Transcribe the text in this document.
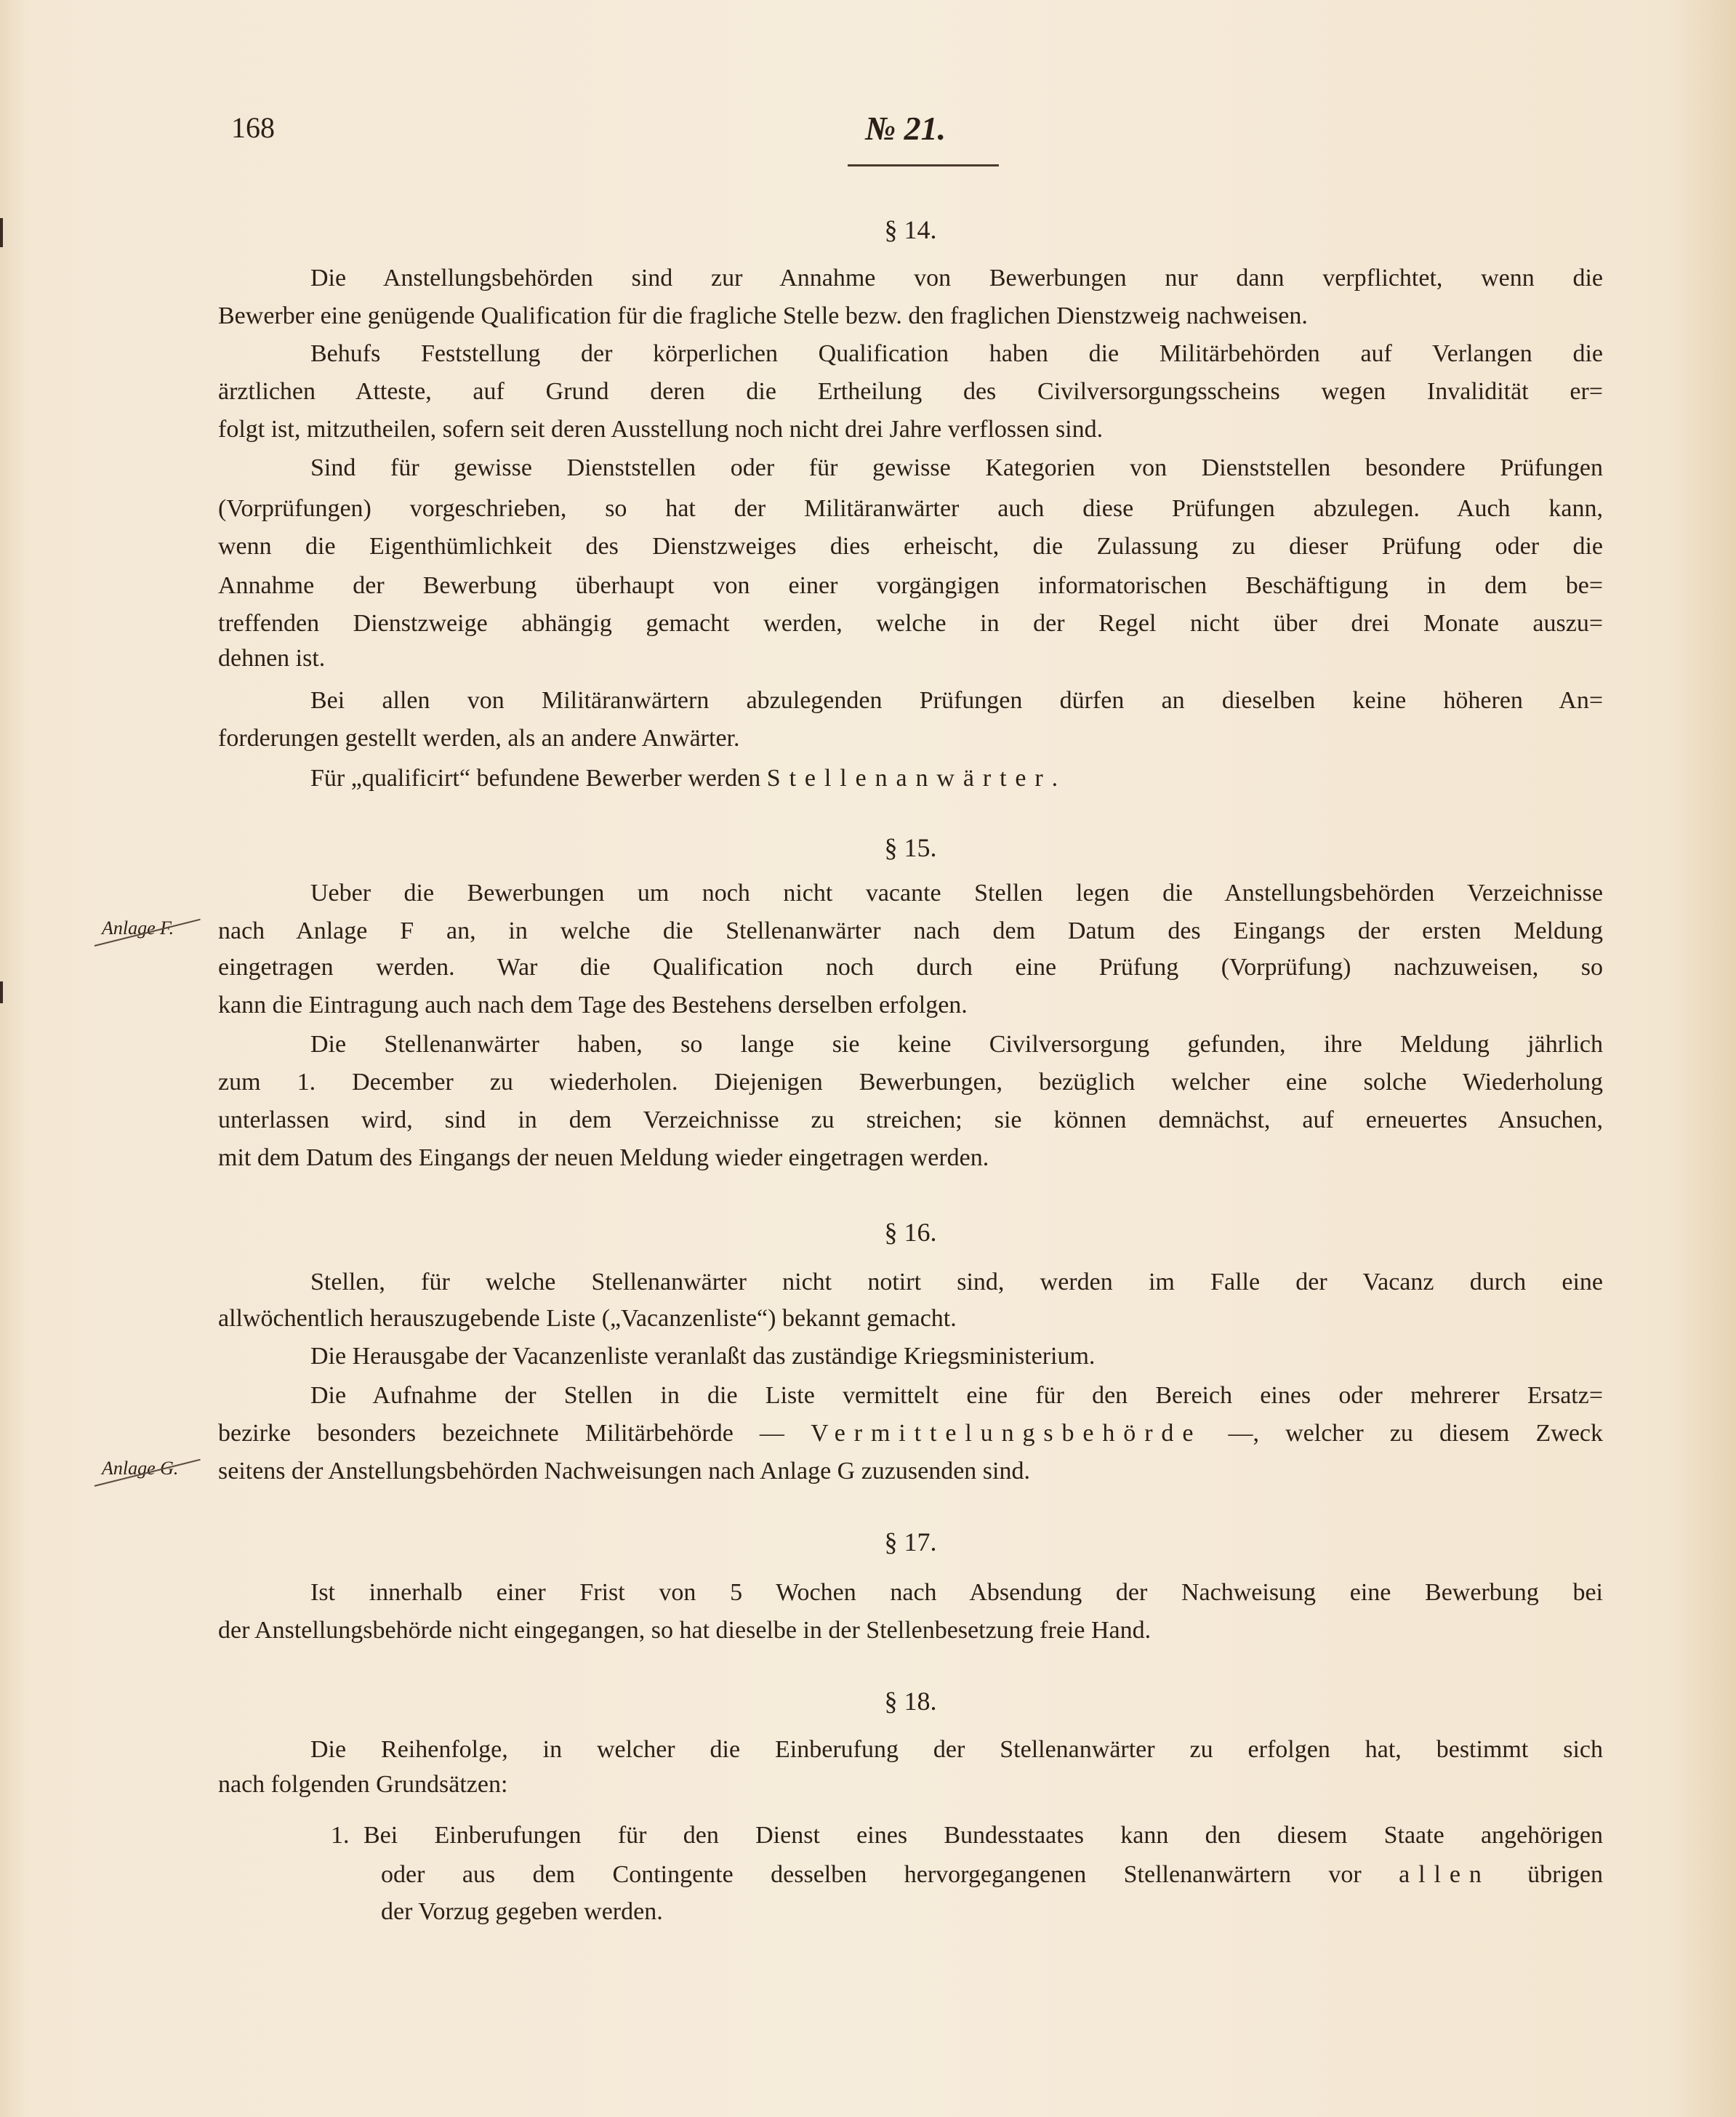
168	№ 21.
Anlage F.
Anlage G.
§ 14.
Die Anstellungsbehörden sind zur Annahme von Bewerbungen nur dann verpflichtet, wenn die
Bewerber eine genügende Qualification für die fragliche Stelle bezw. den fraglichen Dienstzweig nachweisen.
Behufs Feststellung der körperlichen Qualification haben die Militärbehörden auf Verlangen die
ärztlichen Atteste, auf Grund deren die Ertheilung des Civilversorgungsscheins wegen Invalidität er=
folgt ist, mitzutheilen, sofern seit deren Ausstellung noch nicht drei Jahre verflossen sind.
Sind für gewisse Dienststellen oder für gewisse Kategorien von Dienststellen besondere Prüfungen
(Vorprüfungen) vorgeschrieben, so hat der Militäranwärter auch diese Prüfungen abzulegen. Auch kann,
wenn die Eigenthümlichkeit des Dienstzweiges dies erheischt, die Zulassung zu dieser Prüfung oder die
Annahme der Bewerbung überhaupt von einer vorgängigen informatorischen Beschäftigung in dem be=
treffenden Dienstzweige abhängig gemacht werden, welche in der Regel nicht über drei Monate auszu=
dehnen ist.
Bei allen von Militäranwärtern abzulegenden Prüfungen dürfen an dieselben keine höheren An=
forderungen gestellt werden, als an andere Anwärter.
Für „qualificirt“ befundene Bewerber werden Stellenanwärter.
§ 15.
Ueber die Bewerbungen um noch nicht vacante Stellen legen die Anstellungsbehörden Verzeichnisse
nach Anlage F an, in welche die Stellenanwärter nach dem Datum des Eingangs der ersten Meldung
eingetragen werden. War die Qualification noch durch eine Prüfung (Vorprüfung) nachzuweisen, so
kann die Eintragung auch nach dem Tage des Bestehens derselben erfolgen.
Die Stellenanwärter haben, so lange sie keine Civilversorgung gefunden, ihre Meldung jährlich
zum 1. December zu wiederholen. Diejenigen Bewerbungen, bezüglich welcher eine solche Wiederholung
unterlassen wird, sind in dem Verzeichnisse zu streichen; sie können demnächst, auf erneuertes Ansuchen,
mit dem Datum des Eingangs der neuen Meldung wieder eingetragen werden.
§ 16.
Stellen, für welche Stellenanwärter nicht notirt sind, werden im Falle der Vacanz durch eine
allwöchentlich herauszugebende Liste („Vacanzenliste“) bekannt gemacht.
Die Herausgabe der Vacanzenliste veranlaßt das zuständige Kriegsministerium.
Die Aufnahme der Stellen in die Liste vermittelt eine für den Bereich eines oder mehrerer Ersatz=
bezirke besonders bezeichnete Militärbehörde — Vermittelungsbehörde —, welcher zu diesem Zweck
seitens der Anstellungsbehörden Nachweisungen nach Anlage G zuzusenden sind.
§ 17.
Ist innerhalb einer Frist von 5 Wochen nach Absendung der Nachweisung eine Bewerbung bei
der Anstellungsbehörde nicht eingegangen, so hat dieselbe in der Stellenbesetzung freie Hand.
§ 18.
Die Reihenfolge, in welcher die Einberufung der Stellenanwärter zu erfolgen hat, bestimmt sich
nach folgenden Grundsätzen:
1. Bei Einberufungen für den Dienst eines Bundesstaates kann den diesem Staate angehörigen
oder aus dem Contingente desselben hervorgegangenen Stellenanwärtern vor allen übrigen
der Vorzug gegeben werden.
